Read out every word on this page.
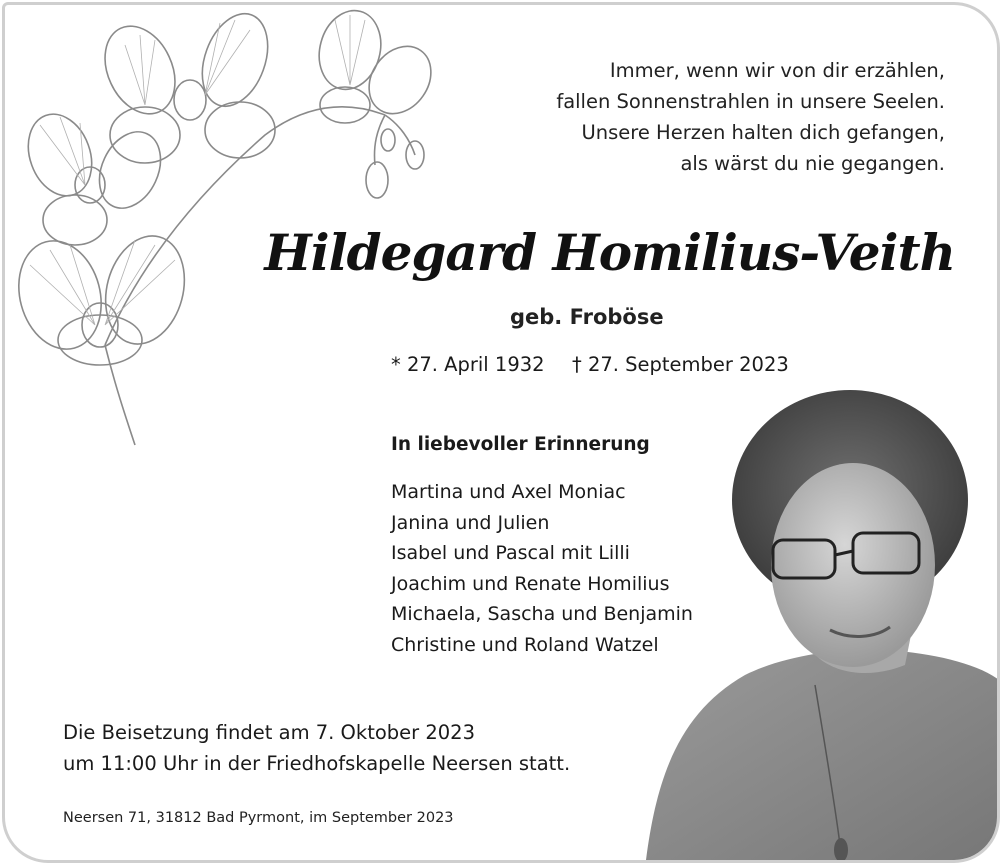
Immer, wenn wir von dir erzählen,
fallen Sonnenstrahlen in unsere Seelen.
Unsere Herzen halten dich gefangen,
als wärst du nie gegangen.
Hildegard Homilius-Veith
geb. Froböse
* 27. April 1932 † 27. September 2023
In liebevoller Erinnerung
Martina und Axel Moniac
Janina und Julien
Isabel und Pascal mit Lilli
Joachim und Renate Homilius
Michaela, Sascha und Benjamin
Christine und Roland Watzel
Die Beisetzung findet am 7. Oktober 2023
um 11:00 Uhr in der Friedhofskapelle Neersen statt.
Neersen 71, 31812 Bad Pyrmont, im September 2023
